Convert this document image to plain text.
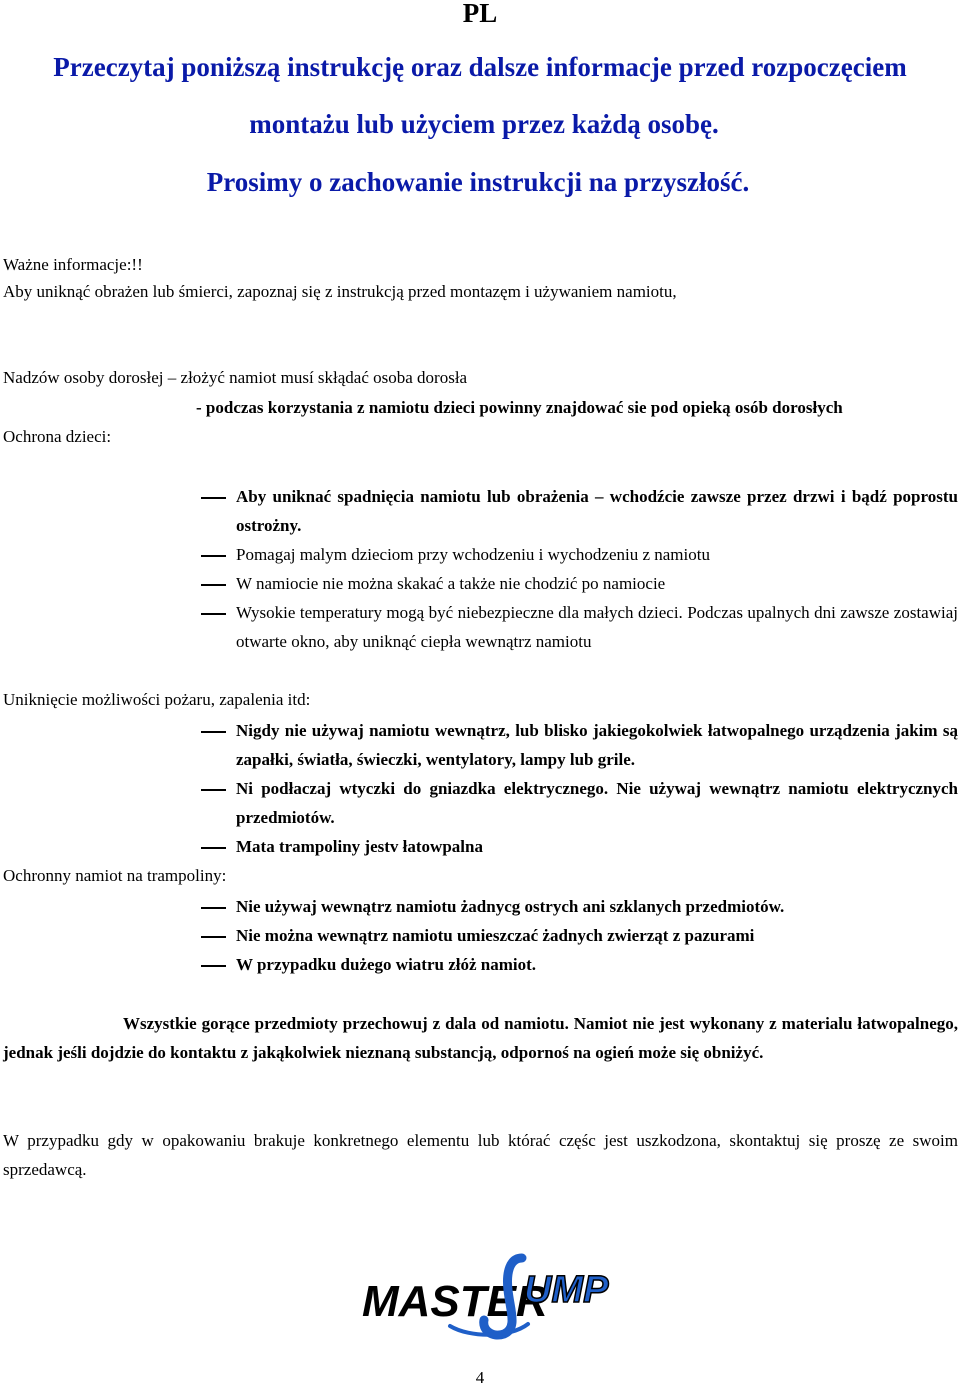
PL
Przeczytaj poniższą instrukcję oraz dalsze informacje przed rozpoczęciem
montażu lub użyciem przez każdą osobę.
Prosimy o zachowanie instrukcji na przyszłość.
Ważne informacje:!!
Aby uniknąć obrażen lub śmierci, zapoznaj się z instrukcją przed montazęm i używaniem namiotu,
Nadzów osoby dorosłej – złożyć namiot musí skłądać osoba dorosła
- podczas korzystania z namiotu dzieci powinny znajdować sie pod opieką osób dorosłych
Ochrona dzieci:
Aby uniknać spadnięcia namiotu lub obrażenia – wchodźcie zawsze przez drzwi i bądź poprostu ostrożny.
Pomagaj malym dzieciom przy wchodzeniu i wychodzeniu z namiotu
W namiocie nie można skakać a także nie chodzić po namiocie
Wysokie temperatury mogą być niebezpieczne dla małych dzieci. Podczas upalnych dni zawsze zostawiaj otwarte okno, aby uniknąć ciepła wewnątrz namiotu
Uniknięcie możliwości pożaru, zapalenia itd:
Nigdy nie używaj namiotu wewnątrz, lub blisko jakiegokolwiek łatwopalnego urządzenia jakim są zapałki, światła, świeczki, wentylatory, lampy lub grile.
Ni podłaczaj wtyczki do gniazdka elektrycznego. Nie używaj wewnątrz namiotu elektrycznych przedmiotów.
Mata trampoliny jestv łatowpalna
Ochronny namiot na trampoliny:
Nie używaj wewnątrz namiotu żadnycg ostrych ani szklanych przedmiotów.
Nie można wewnątrz namiotu umieszczać żadnych zwierząt z pazurami
W przypadku dużego wiatru złóż namiot.
Wszystkie gorące przedmioty przechowuj z dala od namiotu. Namiot nie jest wykonany z materialu łatwopalnego, jednak jeśli dojdzie do kontaktu z jakąkolwiek nieznaną substancją, odpornoś na ogień może się obniżyć.
W przypadku gdy w opakowaniu brakuje konkretnego elementu lub którać częśc jest uszkodzona, skontaktuj się proszę ze swoim sprzedawcą.
MASTER
UMP
4
